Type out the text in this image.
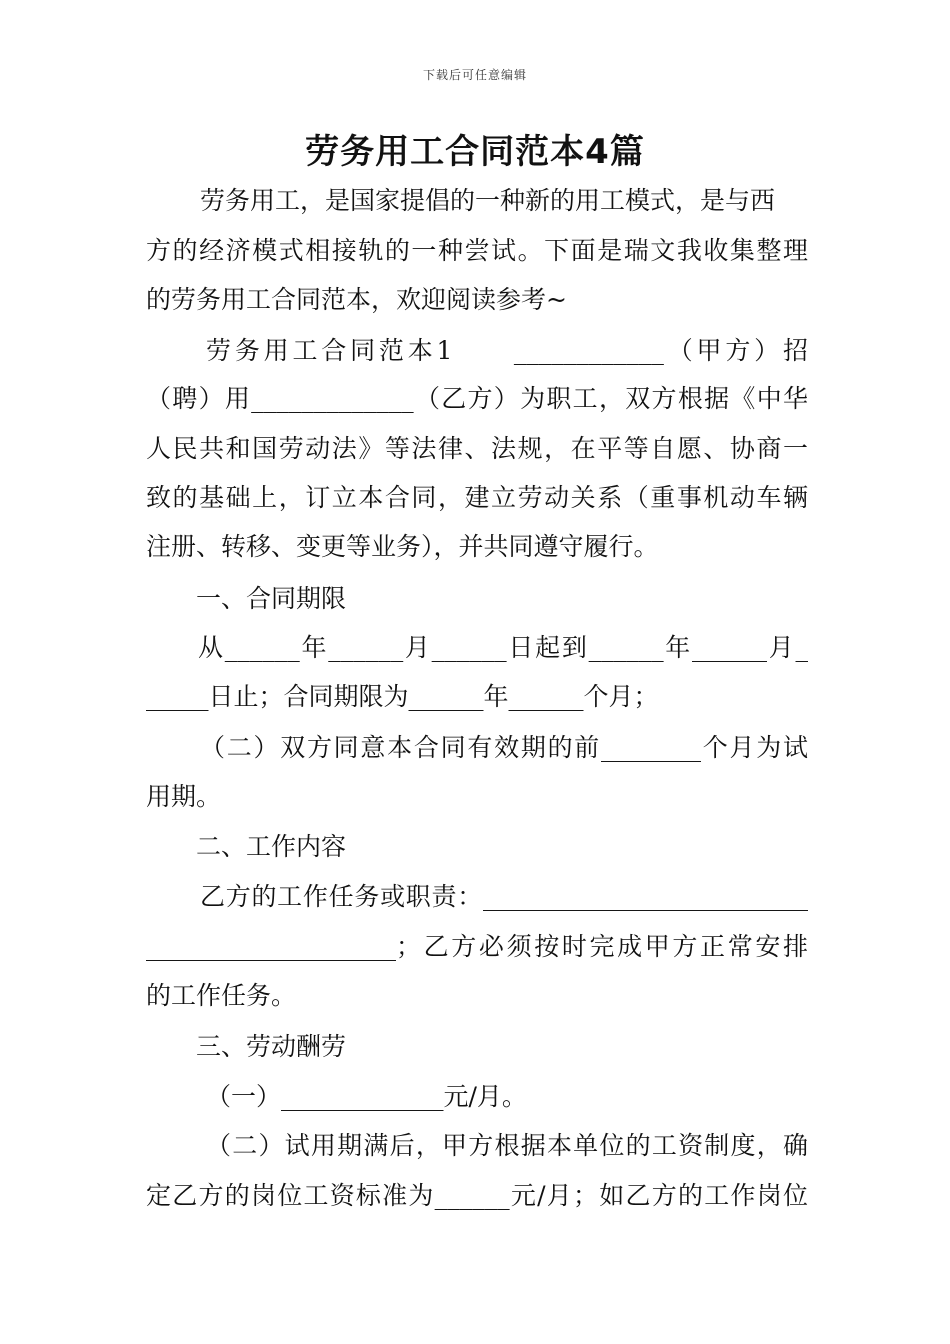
下载后可任意编辑
劳务用工合同范本4篇
劳务用工，是国家提倡的一种新的用工模式，是与西
方的经济模式相接轨的一种尝试。下面是瑞文我收集整理
的劳务用工合同范本，欢迎阅读参考~
劳务用工合同范本1　　____________（甲方）招
（聘）用_____________（乙方）为职工，双方根据《中华
人民共和国劳动法》等法律、法规，在平等自愿、协商一
致的基础上，订立本合同，建立劳动关系（重事机动车辆
注册、转移、变更等业务），并共同遵守履行。
一、合同期限
从______年______月______日起到______年______月_
_____日止；合同期限为______年______个月；
（二）双方同意本合同有效期的前________个月为试
用期。
二、工作内容
乙方的工作任务或职责：__________________________
____________________；乙方必须按时完成甲方正常安排
的工作任务。
三、劳动酬劳
（一）_____________元/月。
（二）试用期满后，甲方根据本单位的工资制度，确
定乙方的岗位工资标准为______元/月；如乙方的工作岗位
